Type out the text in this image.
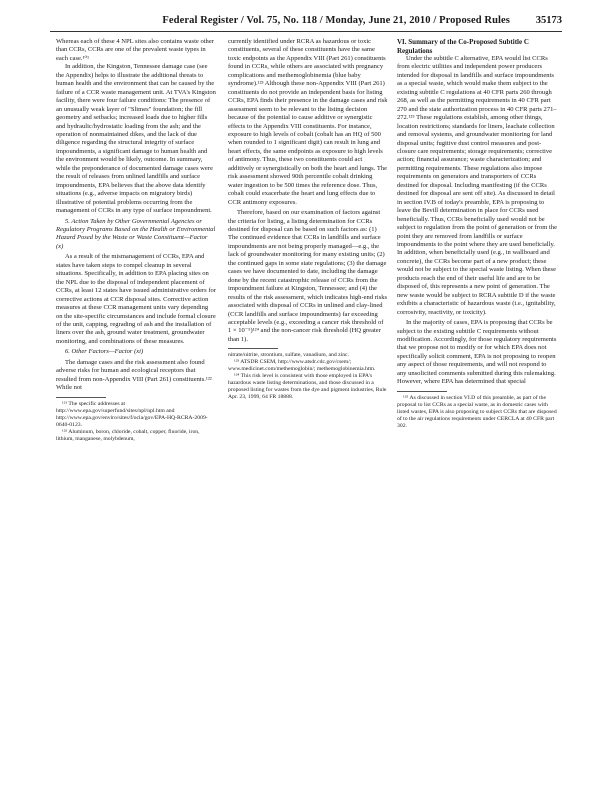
Federal Register / Vol. 75, No. 118 / Monday, June 21, 2010 / Proposed Rules 35173

Whereas each of these 4 NPL sites also contains waste other than CCRs, CCRs are one of the prevalent waste types in each case.¹⁰¹

In addition, the Kingston, Tennessee damage case (see the Appendix) helps to illustrate the additional threats to human health and the environment that can be caused by the failure of a CCR waste management unit. At TVA's Kingston facility, there were four failure conditions: The presence of an unusually weak layer of "Slimes" foundation; the fill geometry and setbacks; increased loads due to higher fills and hydraulic/hydrostatic loading from the ash; and the operation of nonmaintained dikes, and the lack of due diligence regarding the structural integrity of surface impoundments, a significant damage to human health and the environment would be likely, outcome. In summary, while the preponderance of documented damage cases were the result of releases from unlined landfills and surface impoundments, EPA believes that the above data identify situations (e.g., adverse impacts on migratory birds) illustrative of potential problems occurring from the management of CCRs in any type of surface impoundment.

5. Action Taken by Other Governmental Agencies or Regulatory Programs Based on the Health or Environmental Hazard Posed by the Waste or Waste Constituent—Factor (x)

As a result of the mismanagement of CCRs, EPA and states have taken steps to compel cleanup in several situations. Specifically, in addition to EPA placing sites on the NPL due to the disposal of independent placement of CCRs, at least 12 states have issued administrative orders for corrective actions at CCR disposal sites. Corrective action measures at these CCR management units vary depending on the site-specific circumstances and include formal closure of the unit, capping, regrading of ash and the installation of liners over the ash, ground water treatment, groundwater monitoring, and combinations of these measures.

6. Other Factors—Factor (xi)

The damage cases and the risk assessment also found adverse risks for human and ecological receptors that resulted from non-Appendix VIII (Part 261) constituents.¹²² While not

¹²¹ The specific addresses at http://www.epa.gov/superfund/sites/npl/npl.htm and http://www.epa.gov/enviro/sites/f/ocla/gov/EPA-HQ-RCRA-2009-0640-0123.

¹²² Aluminum, boron, chloride, cobalt, copper, fluoride, iron, lithium, manganese, molybdenum,

currently identified under RCRA as hazardous or toxic constituents, several of these constituents have the same toxic endpoints as the Appendix VIII (Part 261) constituents found in CCRs, while others are associated with pregnancy complications and methemoglobinemia (blue baby syndrome).¹²³ Although these non-Appendix VIII (Part 261) constituents do not provide an independent basis for listing CCRs, EPA finds their presence in the damage cases and risk assessment seem to be relevant to the listing decision because of the potential to cause additive or synergistic effects to the Appendix VIII constituents. For instance, exposure to high levels of cobalt (cobalt has an HQ of 500 when rounded to 1 significant digit) can result in lung and heart effects, the same endpoints as exposure to high levels of antimony. Thus, these two constituents could act additively or synergistically on both the heart and lungs. The risk assessment showed 90th percentile cobalt drinking water ingestion to be 500 times the reference dose. Thus, cobalt could exacerbate the heart and lung effects due to CCR antimony exposures.

Therefore, based on our examination of factors against the criteria for listing, a listing determination for CCRs destined for disposal can be based on such factors as: (1) The continued evidence that CCRs in landfills and surface impoundments are not being properly managed—e.g., the lack of groundwater monitoring for many existing units; (2) the continued gaps in some state regulations; (3) the damage cases we have documented to date, including the damage done by the recent catastrophic release of CCRs from the impoundment failure at Kingston, Tennessee; and (4) the results of the risk assessment, which indicates high-end risks associated with disposal of CCRs in unlined and clay-lined (CCR landfills and surface impoundments) far exceeding acceptable levels (e.g., exceeding a cancer risk threshold of 1 × 10⁻⁵)¹²⁴ and the non-cancer risk threshold (HQ greater than 1).

nitrate/nitrite, strontium, sulfate, vanadium, and zinc.

¹²³ ATSDR CSEM, http://www.atsdr.cdc.gov/csem/; www.medicinet.com/methemoglobin/; methemoglobinemia.htm.

¹²⁴ This risk level is consistent with those employed in EPA's hazardous waste listing determinations, and those discussed in a proposed listing for wastes from the dye and pigment industries, Rule Apr. 23, 1999, 64 FR 18888.

VI. Summary of the Co-Proposed Subtitle C Regulations

Under the subtitle C alternative, EPA would list CCRs from electric utilities and independent power producers intended for disposal in landfills and surface impoundments as a special waste, which would make them subject to the existing subtitle C regulations at 40 CFR parts 260 through 268, as well as the permitting requirements in 40 CFR part 270 and the state authorization process in 40 CFR parts 271–272.¹²⁵ These regulations establish, among other things, location restrictions; standards for liners, leachate collection and removal systems, and groundwater monitoring for land disposal units; fugitive dust control measures and post-closure care requirements; storage requirements; corrective action; financial assurance; waste characterization; and permitting requirements. These regulations also impose requirements on generators and transporters of CCRs destined for disposal. Including manifesting (if the CCRs destined for disposal are sent off site). As discussed in detail in section IV.B of today's preamble, EPA is proposing to leave the Bevill determination in place for CCRs used beneficially. Thus, CCRs beneficially used would not be subject to regulation from the point of generation or from the point they are removed from landfills or surface impoundments to the point where they are used beneficially. In addition, when beneficially used (e.g., in wallboard and concrete), the CCRs become part of a new product; these would not be subject to the special waste listing. When these products reach the end of their useful life and are to be disposed of, this represents a new point of generation. The new waste would be subject to RCRA subtitle D if the waste exhibits a characteristic of hazardous waste (i.e., ignitability, corrosivity, reactivity, or toxicity).

In the majority of cases, EPA is proposing that CCRs be subject to the existing subtitle C requirements without modification. Accordingly, for those regulatory requirements that we propose not to modify or for which EPA does not specifically solicit comment, EPA is not proposing to reopen any aspect of those requirements, and will not respond to any unsolicited comments submitted during this rulemaking. However, where EPA has determined that special

¹²⁵ As discussed in section VI.D of this preamble, as part of the proposal to list CCRs as a special waste, as in domestic cases with listed wastes, EPA is also proposing to subject CCRs that are disposed of to the air regulations requirements under CERCLA at 40 CFR part 302.
